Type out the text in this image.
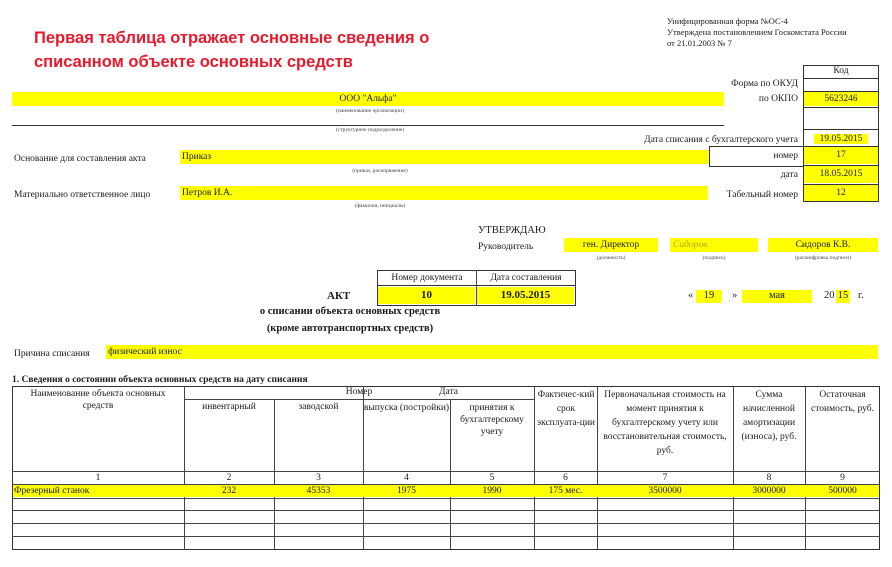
Первая таблица отражает основные сведения о
списанном объекте основных средств
Унифицированная форма №ОС-4
Утверждена постановлением Госкомстата России
от 21.01.2003 № 7
Код
Форма по ОКУД
по ОКПО	5623246
ООО "Альфа"
(наименование организации)
(структурное подразделение)
Дата списания с бухгалтерского учета	19.05.2015
Основание для составления акта	Приказ
(приказ, распоряжение)
номер	17
дата	18.05.2015
Материально ответственное лицо	Петров И.А.
(фамилия, инициалы)
Табельный номер	12
УТВЕРЖДАЮ
Руководитель	ген. Директор
(должность)
Сидоров
(подпись)
Сидоров К.В.
(расшифровка подписи)
Номер документа	Дата составления
АКТ	10	19.05.2015
о списании объекта основных средств
(кроме автотранспортных средств)
«	19	»	мая	20 15 г.
Причина списания физический износ
1. Сведения о состоянии объекта основных средств на дату списания
Наименование объекта основных средств
Номер
инвентарный	заводской
Дата
выпуска (постройки)	принятия к бухгалтерскому учету
Фактичес-кий срок эксплуата-ции
Первоначальная стоимость на момент принятия к бухгалтерскому учету или восстановительная стоимость, руб.
Сумма начисленной амортизации (износа), руб.
Остаточная стоимость, руб.
1	2	3	4	5	6	7	8	9
Фрезерный станок	232	45353	1975	1990	175 мес.	3500000	3000000	500000
